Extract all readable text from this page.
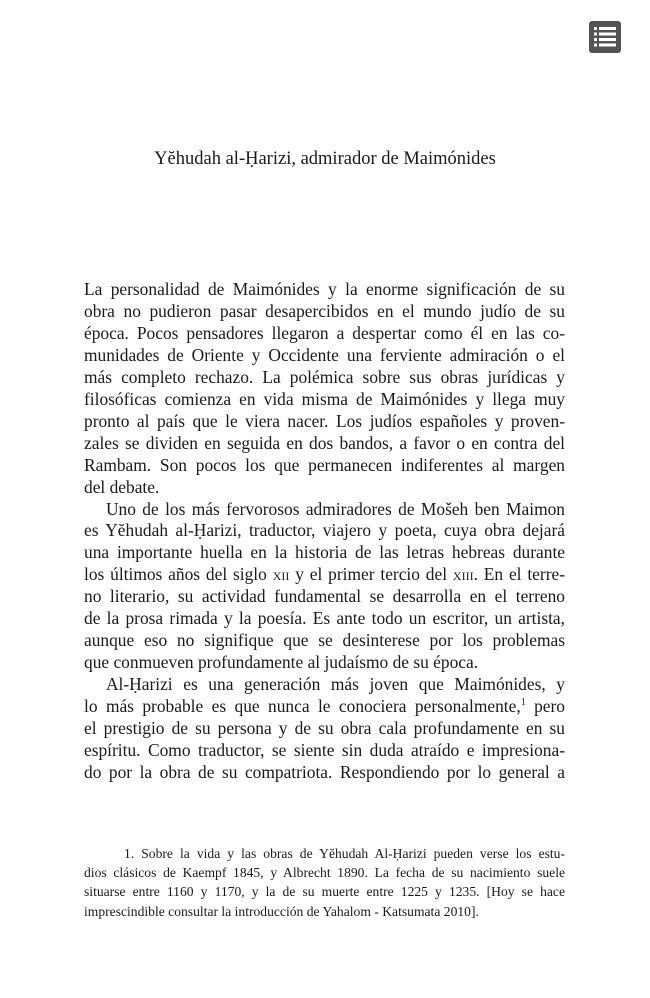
Yĕhudah al-Ḥarizi, admirador de Maimónides
La personalidad de Maimónides y la enorme significación de su
obra no pudieron pasar desapercibidos en el mundo judío de su
época. Pocos pensadores llegaron a despertar como él en las co-
munidades de Oriente y Occidente una ferviente admiración o el
más completo rechazo. La polémica sobre sus obras jurídicas y
filosóficas comienza en vida misma de Maimónides y llega muy
pronto al país que le viera nacer. Los judíos españoles y proven-
zales se dividen en seguida en dos bandos, a favor o en contra del
Rambam. Son pocos los que permanecen indiferentes al margen
del debate.
Uno de los más fervorosos admiradores de Mošeh ben Maimon
es Yĕhudah al-Ḥarizi, traductor, viajero y poeta, cuya obra dejará
una importante huella en la historia de las letras hebreas durante
los últimos años del siglo xii y el primer tercio del xiii. En el terre-
no literario, su actividad fundamental se desarrolla en el terreno
de la prosa rimada y la poesía. Es ante todo un escritor, un artista,
aunque eso no signifique que se desinterese por los problemas
que conmueven profundamente al judaísmo de su época.
Al-Ḥarizi es una generación más joven que Maimónides, y
lo más probable es que nunca le conociera personalmente,$^1$ pero
el prestigio de su persona y de su obra cala profundamente en su
espíritu. Como traductor, se siente sin duda atraído e impresiona-
do por la obra de su compatriota. Respondiendo por lo general a
1. Sobre la vida y las obras de Yĕhudah Al-Ḥarizi pueden verse los estu-
dios clásicos de Kaempf 1845, y Albrecht 1890. La fecha de su nacimiento suele
situarse entre 1160 y 1170, y la de su muerte entre 1225 y 1235. [Hoy se hace
imprescindible consultar la introducción de Yahalom - Katsumata 2010].
